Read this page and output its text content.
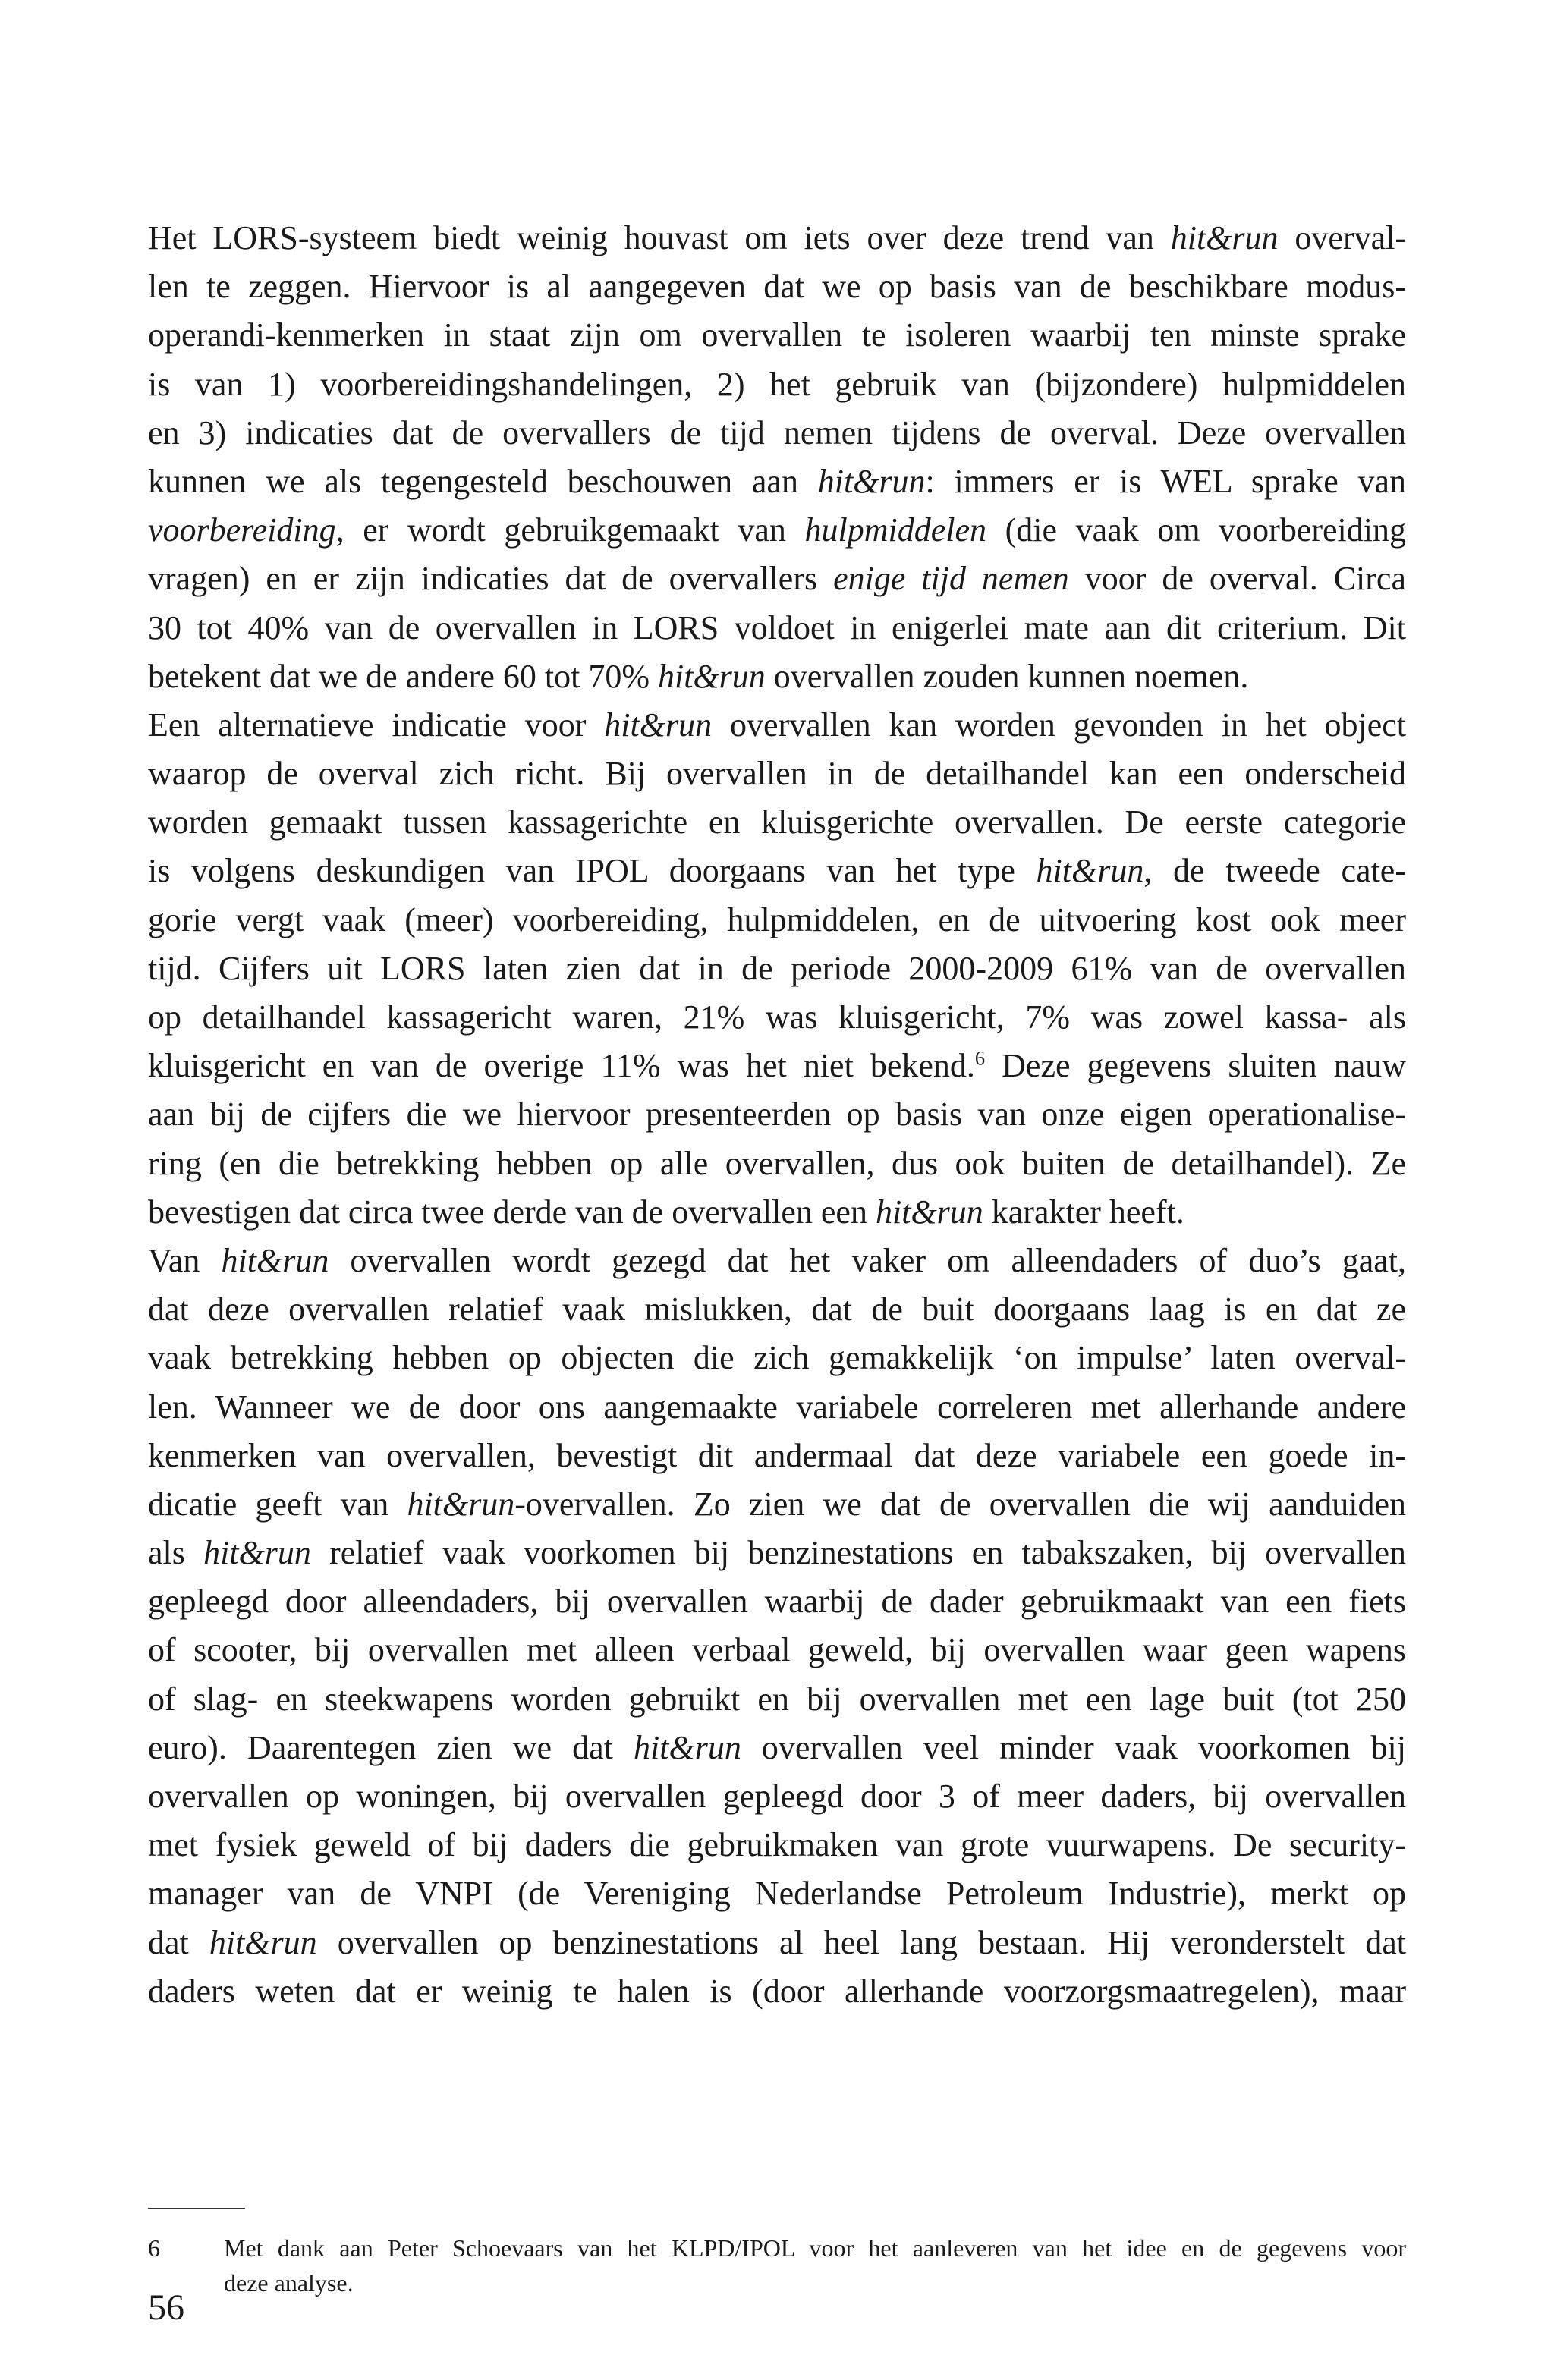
Het LORS-systeem biedt weinig houvast om iets over deze trend van hit&run overval-
len te zeggen. Hiervoor is al aangegeven dat we op basis van de beschikbare modus-
operandi-kenmerken in staat zijn om overvallen te isoleren waarbij ten minste sprake
is van 1) voorbereidingshandelingen, 2) het gebruik van (bijzondere) hulpmiddelen
en 3) indicaties dat de overvallers de tijd nemen tijdens de overval. Deze overvallen
kunnen we als tegengesteld beschouwen aan hit&run: immers er is WEL sprake van
voorbereiding, er wordt gebruikgemaakt van hulpmiddelen (die vaak om voorbereiding
vragen) en er zijn indicaties dat de overvallers enige tijd nemen voor de overval. Circa
30 tot 40% van de overvallen in LORS voldoet in enigerlei mate aan dit criterium. Dit
betekent dat we de andere 60 tot 70% hit&run overvallen zouden kunnen noemen.
Een alternatieve indicatie voor hit&run overvallen kan worden gevonden in het object
waarop de overval zich richt. Bij overvallen in de detailhandel kan een onderscheid
worden gemaakt tussen kassagerichte en kluisgerichte overvallen. De eerste categorie
is volgens deskundigen van IPOL doorgaans van het type hit&run, de tweede cate-
gorie vergt vaak (meer) voorbereiding, hulpmiddelen, en de uitvoering kost ook meer
tijd. Cijfers uit LORS laten zien dat in de periode 2000-2009 61% van de overvallen
op detailhandel kassagericht waren, 21% was kluisgericht, 7% was zowel kassa- als
kluisgericht en van de overige 11% was het niet bekend.$^6$ Deze gegevens sluiten nauw
aan bij de cijfers die we hiervoor presenteerden op basis van onze eigen operationalise-
ring (en die betrekking hebben op alle overvallen, dus ook buiten de detailhandel). Ze
bevestigen dat circa twee derde van de overvallen een hit&run karakter heeft.
Van hit&run overvallen wordt gezegd dat het vaker om alleendaders of duo’s gaat,
dat deze overvallen relatief vaak mislukken, dat de buit doorgaans laag is en dat ze
vaak betrekking hebben op objecten die zich gemakkelijk ‘on impulse’ laten overval-
len. Wanneer we de door ons aangemaakte variabele correleren met allerhande andere
kenmerken van overvallen, bevestigt dit andermaal dat deze variabele een goede in-
dicatie geeft van hit&run-overvallen. Zo zien we dat de overvallen die wij aanduiden
als hit&run relatief vaak voorkomen bij benzinestations en tabakszaken, bij overvallen
gepleegd door alleendaders, bij overvallen waarbij de dader gebruikmaakt van een fiets
of scooter, bij overvallen met alleen verbaal geweld, bij overvallen waar geen wapens
of slag- en steekwapens worden gebruikt en bij overvallen met een lage buit (tot 250
euro). Daarentegen zien we dat hit&run overvallen veel minder vaak voorkomen bij
overvallen op woningen, bij overvallen gepleegd door 3 of meer daders, bij overvallen
met fysiek geweld of bij daders die gebruikmaken van grote vuurwapens. De security-
manager van de VNPI (de Vereniging Nederlandse Petroleum Industrie), merkt op
dat hit&run overvallen op benzinestations al heel lang bestaan. Hij veronderstelt dat
daders weten dat er weinig te halen is (door allerhande voorzorgsmaatregelen), maar
6	Met dank aan Peter Schoevaars van het KLPD/IPOL voor het aanleveren van het idee en de gegevens voor
deze analyse.
56
